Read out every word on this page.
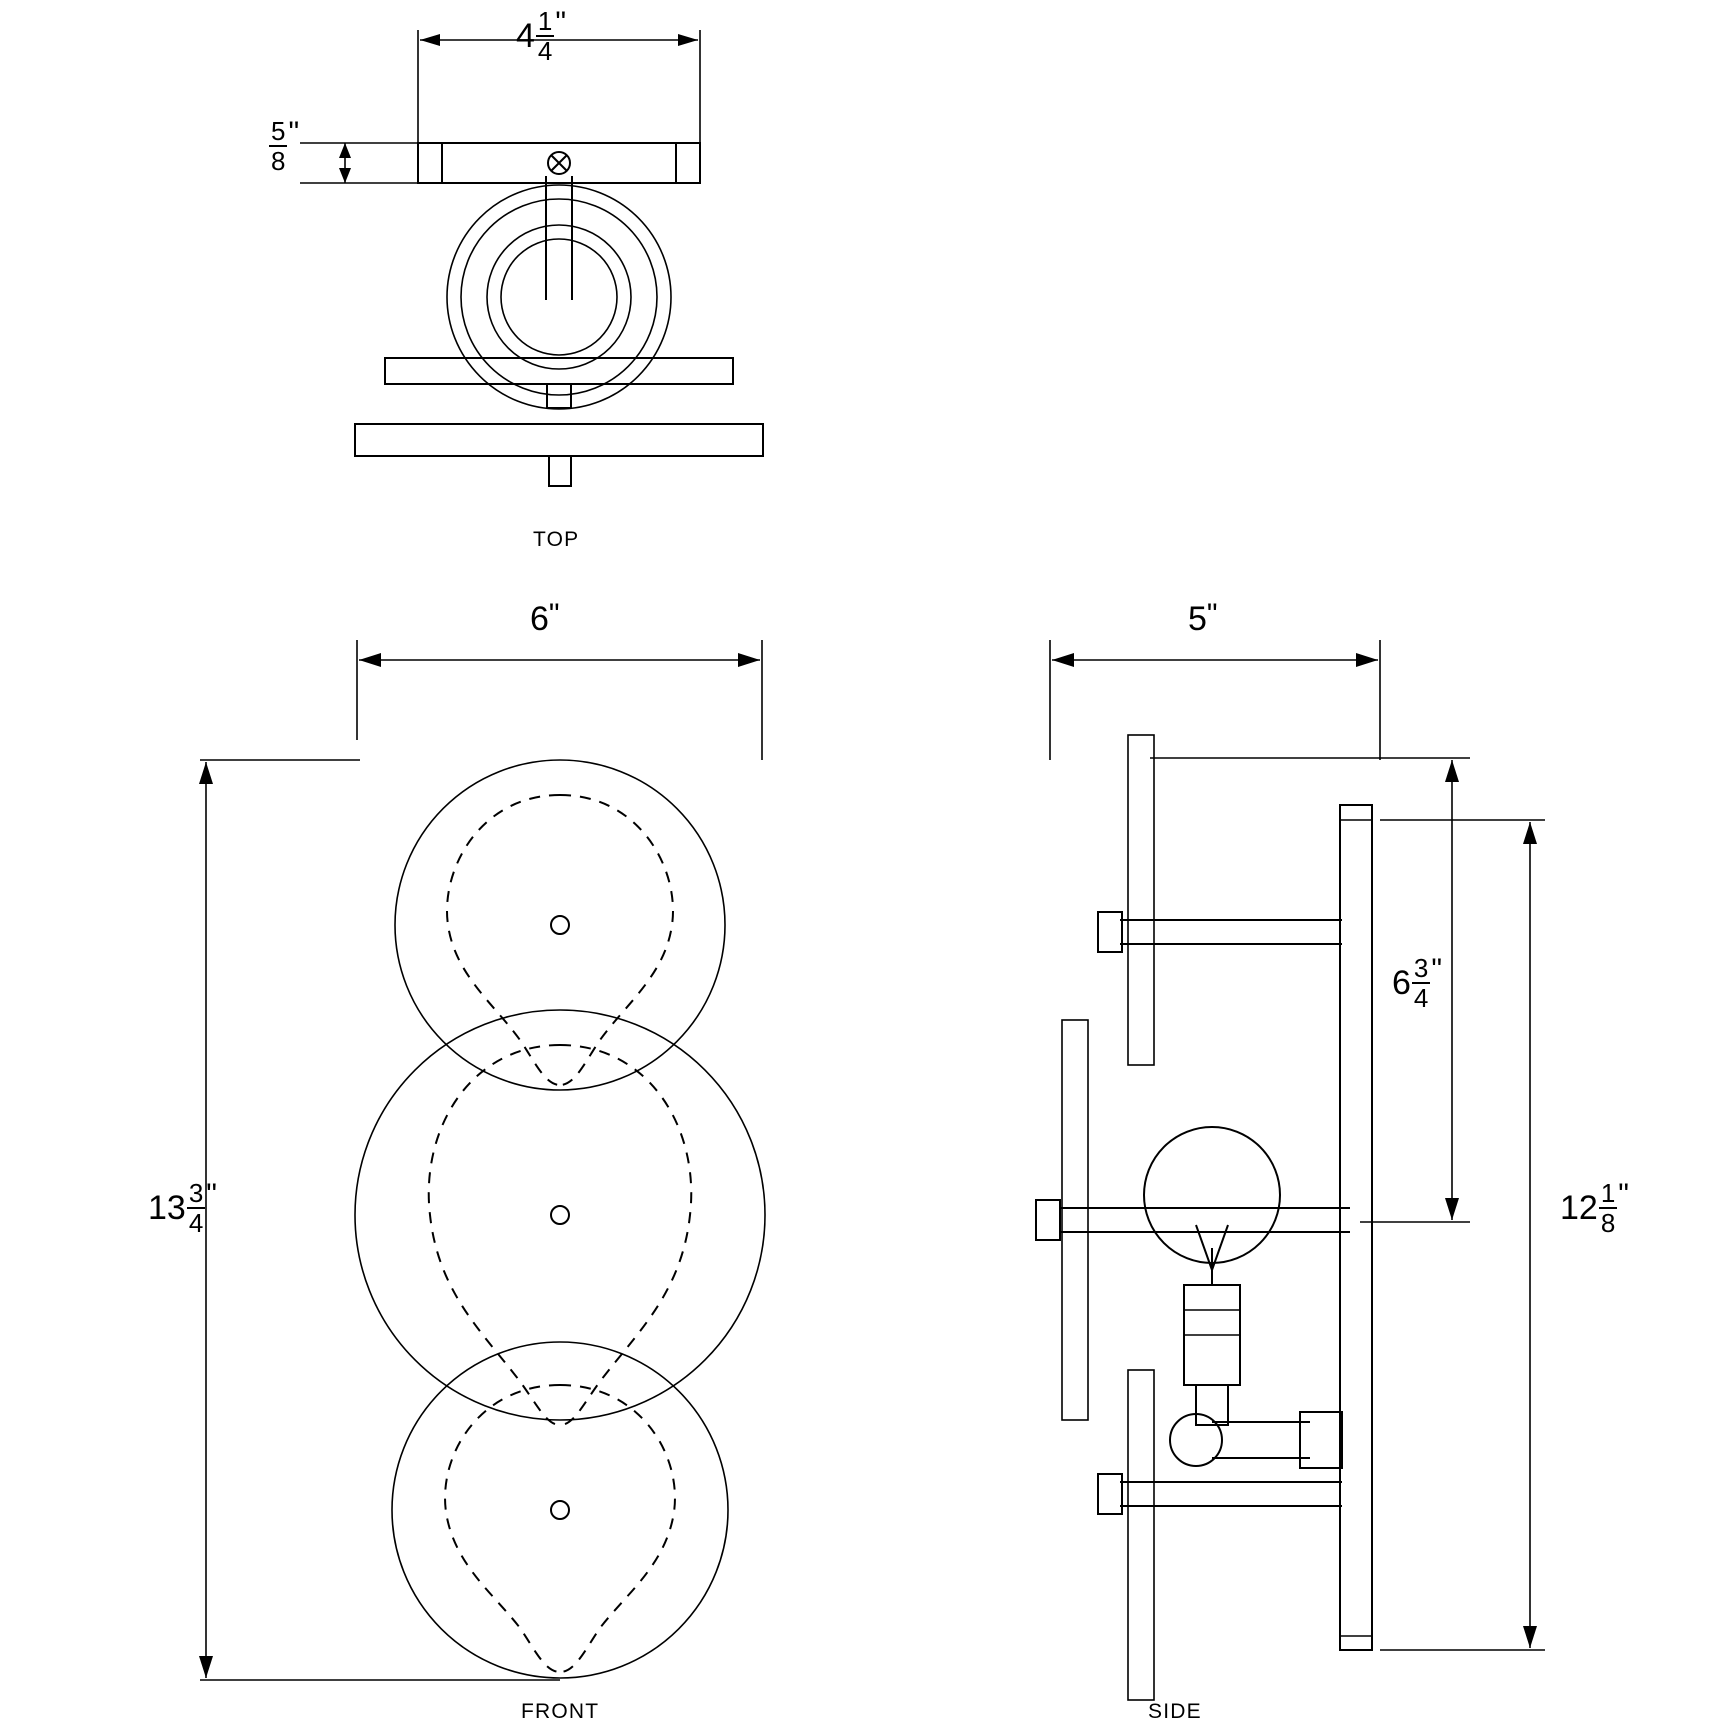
$4 \frac{1}{4}$ "
$\frac{5}{8}$ "
6 "
$13 \frac{3}{4}$ "
5 "
$6 \frac{3}{4}$ "
$12 \frac{1}{8}$ "
TOP
FRONT	SIDE
